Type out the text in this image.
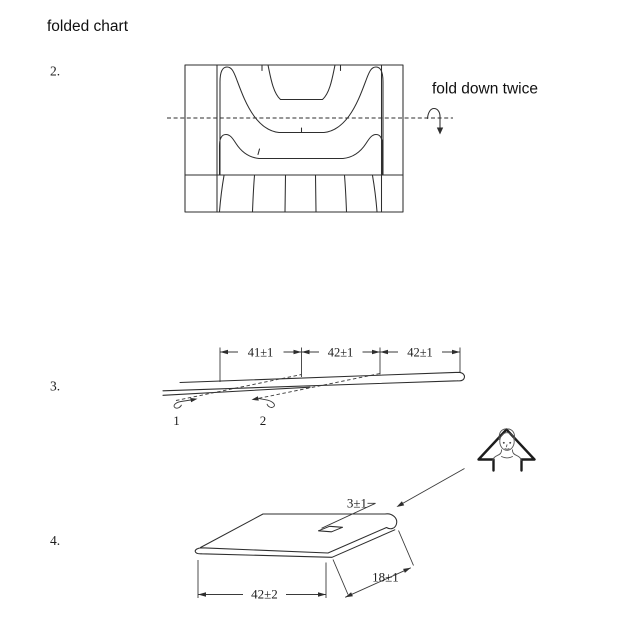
folded chart
2.
fold down twice
3.
41±1	42±1	42±1
1	2
4.
3±1
18±1
42±2
